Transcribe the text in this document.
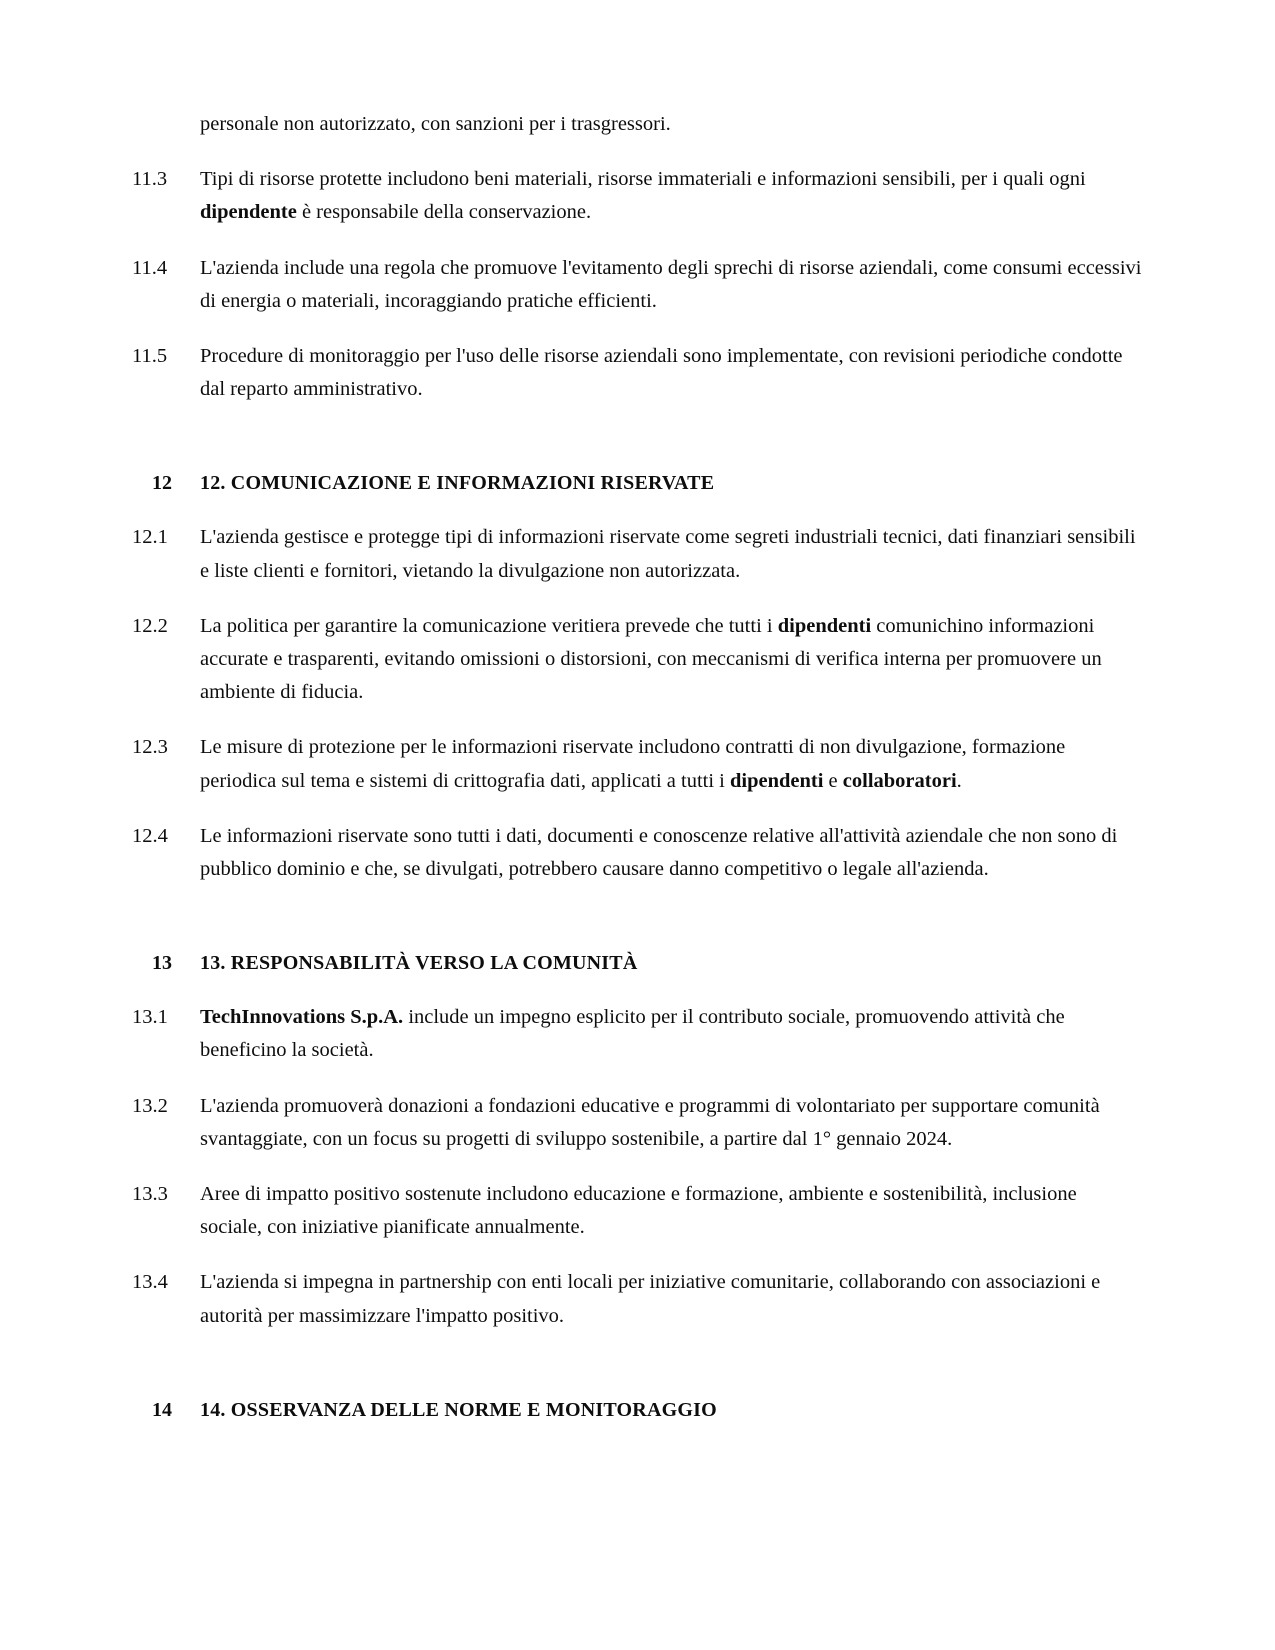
personale non autorizzato, con sanzioni per i trasgressori.

11.3	Tipi di risorse protette includono beni materiali, risorse immateriali e informazioni sensibili, per i quali ogni dipendente è responsabile della conservazione.
11.4	L'azienda include una regola che promuove l'evitamento degli sprechi di risorse aziendali, come consumi eccessivi di energia o materiali, incoraggiando pratiche efficienti.
11.5	Procedure di monitoraggio per l'uso delle risorse aziendali sono implementate, con revisioni periodiche condotte dal reparto amministrativo.
12	12. COMUNICAZIONE E INFORMAZIONI RISERVATE
12.1	L'azienda gestisce e protegge tipi di informazioni riservate come segreti industriali tecnici, dati finanziari sensibili e liste clienti e fornitori, vietando la divulgazione non autorizzata.
12.2	La politica per garantire la comunicazione veritiera prevede che tutti i dipendenti comunichino informazioni accurate e trasparenti, evitando omissioni o distorsioni, con meccanismi di verifica interna per promuovere un ambiente di fiducia.
12.3	Le misure di protezione per le informazioni riservate includono contratti di non divulgazione, formazione periodica sul tema e sistemi di crittografia dati, applicati a tutti i dipendenti e collaboratori.
12.4	Le informazioni riservate sono tutti i dati, documenti e conoscenze relative all'attività aziendale che non sono di pubblico dominio e che, se divulgati, potrebbero causare danno competitivo o legale all'azienda.
13	13. RESPONSABILITÀ VERSO LA COMUNITÀ
13.1	TechInnovations S.p.A. include un impegno esplicito per il contributo sociale, promuovendo attività che beneficino la società.
13.2	L'azienda promuoverà donazioni a fondazioni educative e programmi di volontariato per supportare comunità svantaggiate, con un focus su progetti di sviluppo sostenibile, a partire dal 1° gennaio 2024.
13.3	Aree di impatto positivo sostenute includono educazione e formazione, ambiente e sostenibilità, inclusione sociale, con iniziative pianificate annualmente.
13.4	L'azienda si impegna in partnership con enti locali per iniziative comunitarie, collaborando con associazioni e autorità per massimizzare l'impatto positivo.
14	14. OSSERVANZA DELLE NORME E MONITORAGGIO
